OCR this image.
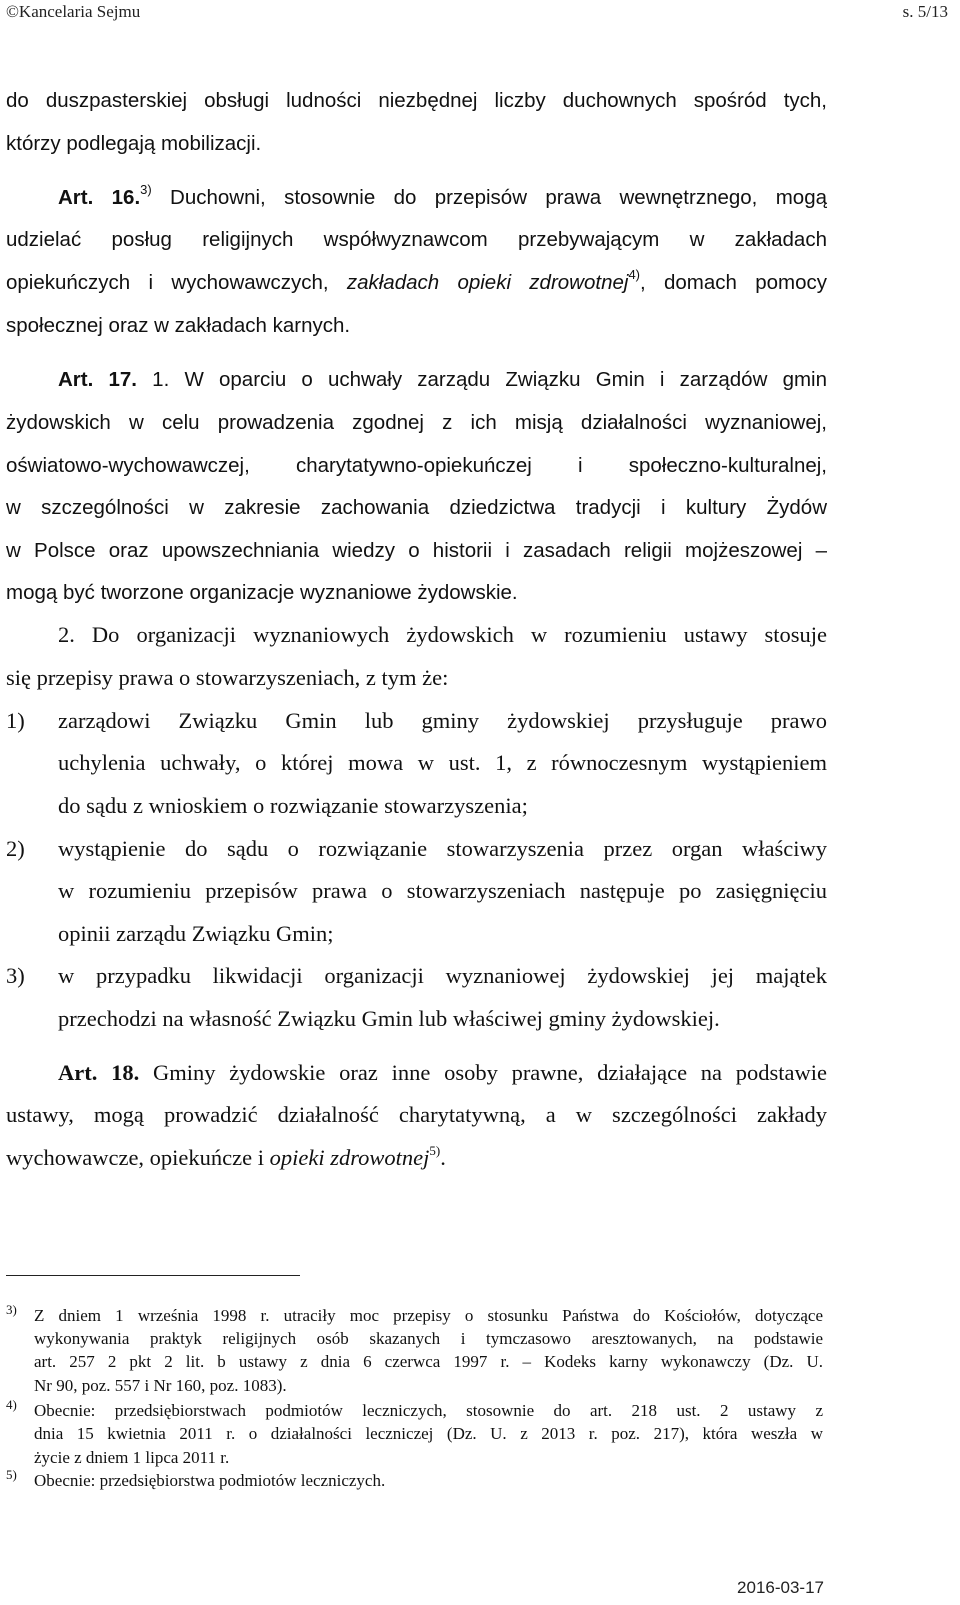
©Kancelaria Sejmu	s. 5/13
do duszpasterskiej obsługi ludności niezbędnej liczby duchownych spośród tych,
którzy podlegają mobilizacji.
Art. 16.$^{3)}$ Duchowni, stosownie do przepisów prawa wewnętrznego, mogą
udzielać posług religijnych współwyznawcom przebywającym w zakładach
opiekuńczych i wychowawczych, zakładach opieki zdrowotnej$^{4)}$, domach pomocy
społecznej oraz w zakładach karnych.
Art. 17. 1. W oparciu o uchwały zarządu Związku Gmin i zarządów gmin
żydowskich w celu prowadzenia zgodnej z ich misją działalności wyznaniowej,
oświatowo-wychowawczej, charytatywno-opiekuńczej i społeczno-kulturalnej,
w szczególności w zakresie zachowania dziedzictwa tradycji i kultury Żydów
w Polsce oraz upowszechniania wiedzy o historii i zasadach religii mojżeszowej –
mogą być tworzone organizacje wyznaniowe żydowskie.
2. Do organizacji wyznaniowych żydowskich w rozumieniu ustawy stosuje
się przepisy prawa o stowarzyszeniach, z tym że:
1) zarządowi Związku Gmin lub gminy żydowskiej przysługuje prawo
uchylenia uchwały, o której mowa w ust. 1, z równoczesnym wystąpieniem
do sądu z wnioskiem o rozwiązanie stowarzyszenia;
2) wystąpienie do sądu o rozwiązanie stowarzyszenia przez organ właściwy
w rozumieniu przepisów prawa o stowarzyszeniach następuje po zasięgnięciu
opinii zarządu Związku Gmin;
3) w przypadku likwidacji organizacji wyznaniowej żydowskiej jej majątek
przechodzi na własność Związku Gmin lub właściwej gminy żydowskiej.
Art. 18. Gminy żydowskie oraz inne osoby prawne, działające na podstawie
ustawy, mogą prowadzić działalność charytatywną, a w szczególności zakłady
wychowawcze, opiekuńcze i opieki zdrowotnej$^{5)}$.
3) Z dniem 1 września 1998 r. utraciły moc przepisy o stosunku Państwa do Kościołów, dotyczące
wykonywania praktyk religijnych osób skazanych i tymczasowo aresztowanych, na podstawie
art. 257 2 pkt 2 lit. b ustawy z dnia 6 czerwca 1997 r. – Kodeks karny wykonawczy (Dz. U.
Nr 90, poz. 557 i Nr 160, poz. 1083).
4) Obecnie: przedsiębiorstwach podmiotów leczniczych, stosownie do art. 218 ust. 2 ustawy z
dnia 15 kwietnia 2011 r. o działalności leczniczej (Dz. U. z 2013 r. poz. 217), która weszła w
życie z dniem 1 lipca 2011 r.
5) Obecnie: przedsiębiorstwa podmiotów leczniczych.
2016-03-17
